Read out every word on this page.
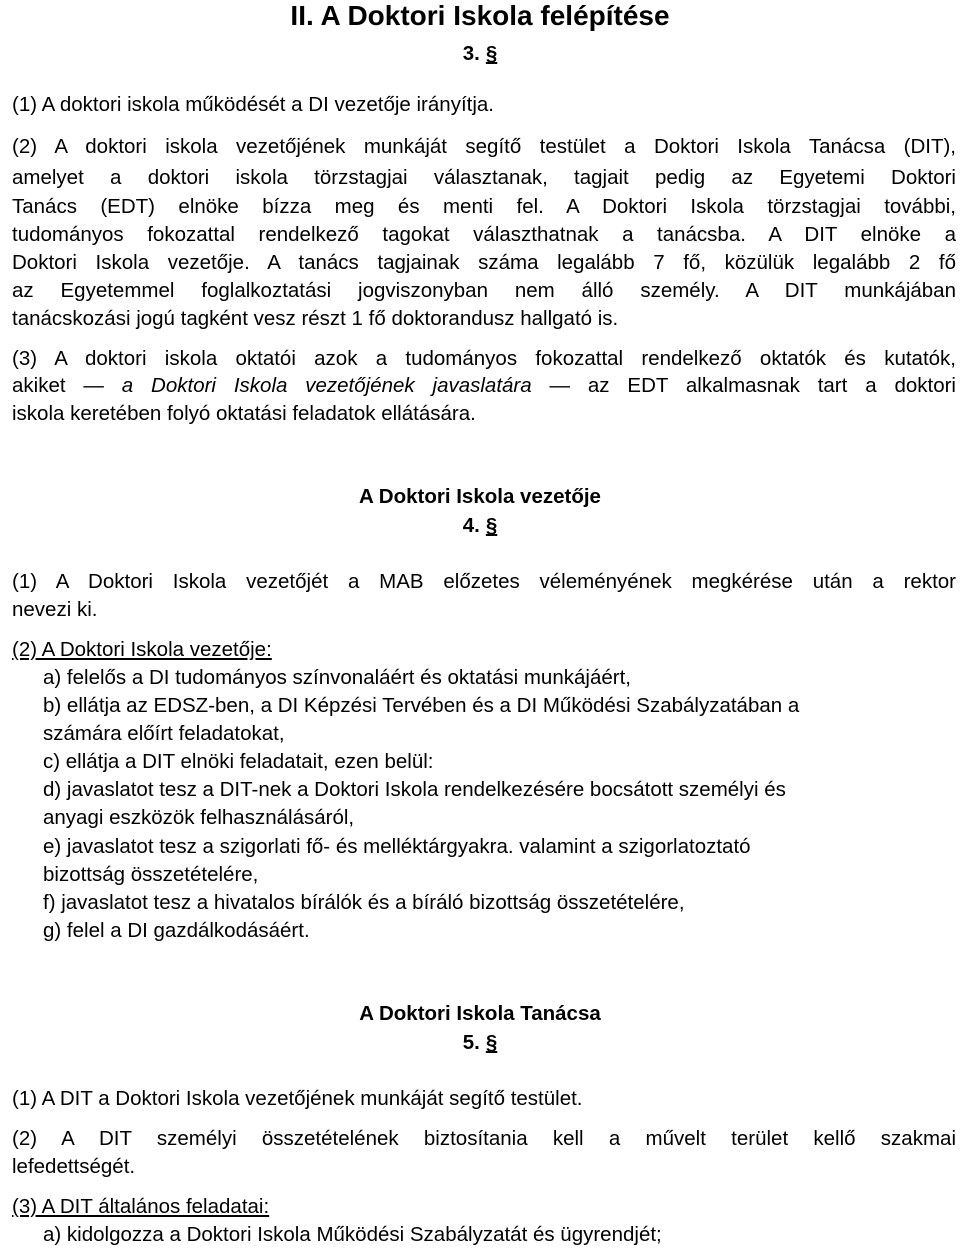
II. A Doktori Iskola felépítése
3. §

(1) A doktori iskola működését a DI vezetője irányítja.

(2) A doktori iskola vezetőjének munkáját segítő testület a Doktori Iskola Tanácsa (DIT),

amelyet a doktori iskola törzstagjai választanak, tagjait pedig az Egyetemi Doktori

Tanács (EDT) elnöke bízza meg és menti fel. A Doktori Iskola törzstagjai további,

tudományos fokozattal rendelkező tagokat választhatnak a tanácsba. A DIT elnöke a

Doktori Iskola vezetője. A tanács tagjainak száma legalább 7 fő, közülük legalább 2 fő

az Egyetemmel foglalkoztatási jogviszonyban nem álló személy. A DIT munkájában

tanácskozási jogú tagként vesz részt 1 fő doktorandusz hallgató is.

(3) A doktori iskola oktatói azok a tudományos fokozattal rendelkező oktatók és kutatók,

akiket — a Doktori Iskola vezetőjének javaslatára — az EDT alkalmasnak tart a doktori

iskola keretében folyó oktatási feladatok ellátására.

A Doktori Iskola vezetője
4. §

(1) A Doktori Iskola vezetőjét a MAB előzetes véleményének megkérése után a rektor

nevezi ki.

(2) A Doktori Iskola vezetője:

a) felelős a DI tudományos színvonaláért és oktatási munkájáért,

b) ellátja az EDSZ-ben, a DI Képzési Tervében és a DI Működési Szabályzatában a

számára előírt feladatokat,

c) ellátja a DIT elnöki feladatait, ezen belül:

d) javaslatot tesz a DIT-nek a Doktori Iskola rendelkezésére bocsátott személyi és

anyagi eszközök felhasználásáról,

e) javaslatot tesz a szigorlati fő- és melléktárgyakra. valamint a szigorlatoztató

bizottság összetételére,

f) javaslatot tesz a hivatalos bírálók és a bíráló bizottság összetételére,

g) felel a DI gazdálkodásáért.

A Doktori Iskola Tanácsa
5. §

(1) A DIT a Doktori Iskola vezetőjének munkáját segítő testület.

(2) A DIT személyi összetételének biztosítania kell a művelt terület kellő szakmai

lefedettségét.

(3) A DIT általános feladatai:

a) kidolgozza a Doktori Iskola Működési Szabályzatát és ügyrendjét;
